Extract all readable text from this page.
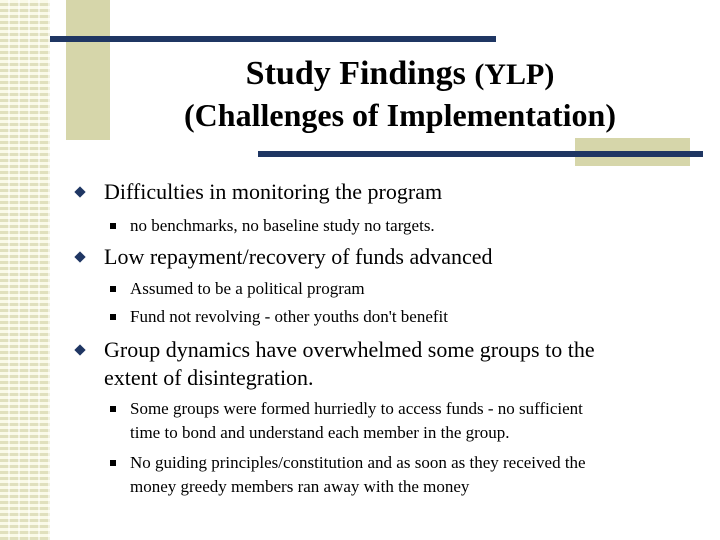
Study Findings (YLP)
(Challenges of Implementation)
Difficulties in monitoring the program
no benchmarks, no baseline study no targets.
Low repayment/recovery of funds advanced
Assumed to be a political program
Fund not revolving - other youths don't benefit
Group dynamics have overwhelmed some groups to the
extent of disintegration.
Some groups were formed hurriedly to access funds - no sufficient
time to bond and understand each member in the group.
No guiding principles/constitution and as soon as they received the
money greedy members ran away with the money
